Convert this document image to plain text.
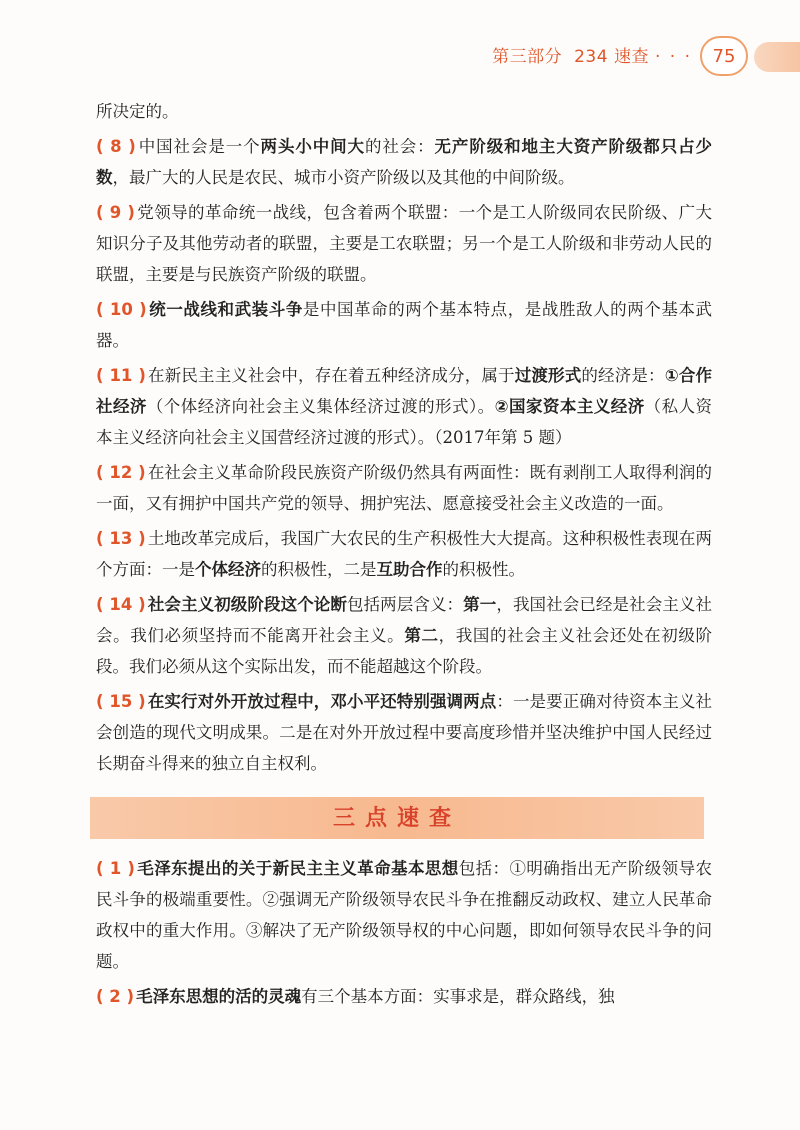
第三部分 234 速查 · · ·	75

所决定的。

( 8 ) 中国社会是一个两头小中间大的社会：无产阶级和地主大资产阶级都只占少数，最广大的人民是农民、城市小资产阶级以及其他的中间阶级。

( 9 ) 党领导的革命统一战线，包含着两个联盟：一个是工人阶级同农民阶级、广大知识分子及其他劳动者的联盟，主要是工农联盟；另一个是工人阶级和非劳动人民的联盟，主要是与民族资产阶级的联盟。

( 10 ) 统一战线和武装斗争是中国革命的两个基本特点，是战胜敌人的两个基本武器。

( 11 ) 在新民主主义社会中，存在着五种经济成分，属于过渡形式的经济是：①合作社经济（个体经济向社会主义集体经济过渡的形式）。②国家资本主义经济（私人资本主义经济向社会主义国营经济过渡的形式）。（2017年第 5 题）

( 12 ) 在社会主义革命阶段民族资产阶级仍然具有两面性：既有剥削工人取得利润的一面，又有拥护中国共产党的领导、拥护宪法、愿意接受社会主义改造的一面。

( 13 ) 土地改革完成后，我国广大农民的生产积极性大大提高。这种积极性表现在两个方面：一是个体经济的积极性，二是互助合作的积极性。

( 14 ) 社会主义初级阶段这个论断包括两层含义：第一，我国社会已经是社会主义社会。我们必须坚持而不能离开社会主义。第二，我国的社会主义社会还处在初级阶段。我们必须从这个实际出发，而不能超越这个阶段。

( 15 ) 在实行对外开放过程中，邓小平还特别强调两点：一是要正确对待资本主义社会创造的现代文明成果。二是在对外开放过程中要高度珍惜并坚决维护中国人民经过长期奋斗得来的独立自主权利。

三点速查

( 1 ) 毛泽东提出的关于新民主主义革命基本思想包括：①明确指出无产阶级领导农民斗争的极端重要性。②强调无产阶级领导农民斗争在推翻反动政权、建立人民革命政权中的重大作用。③解决了无产阶级领导权的中心问题，即如何领导农民斗争的问题。

( 2 ) 毛泽东思想的活的灵魂有三个基本方面：实事求是，群众路线，独
